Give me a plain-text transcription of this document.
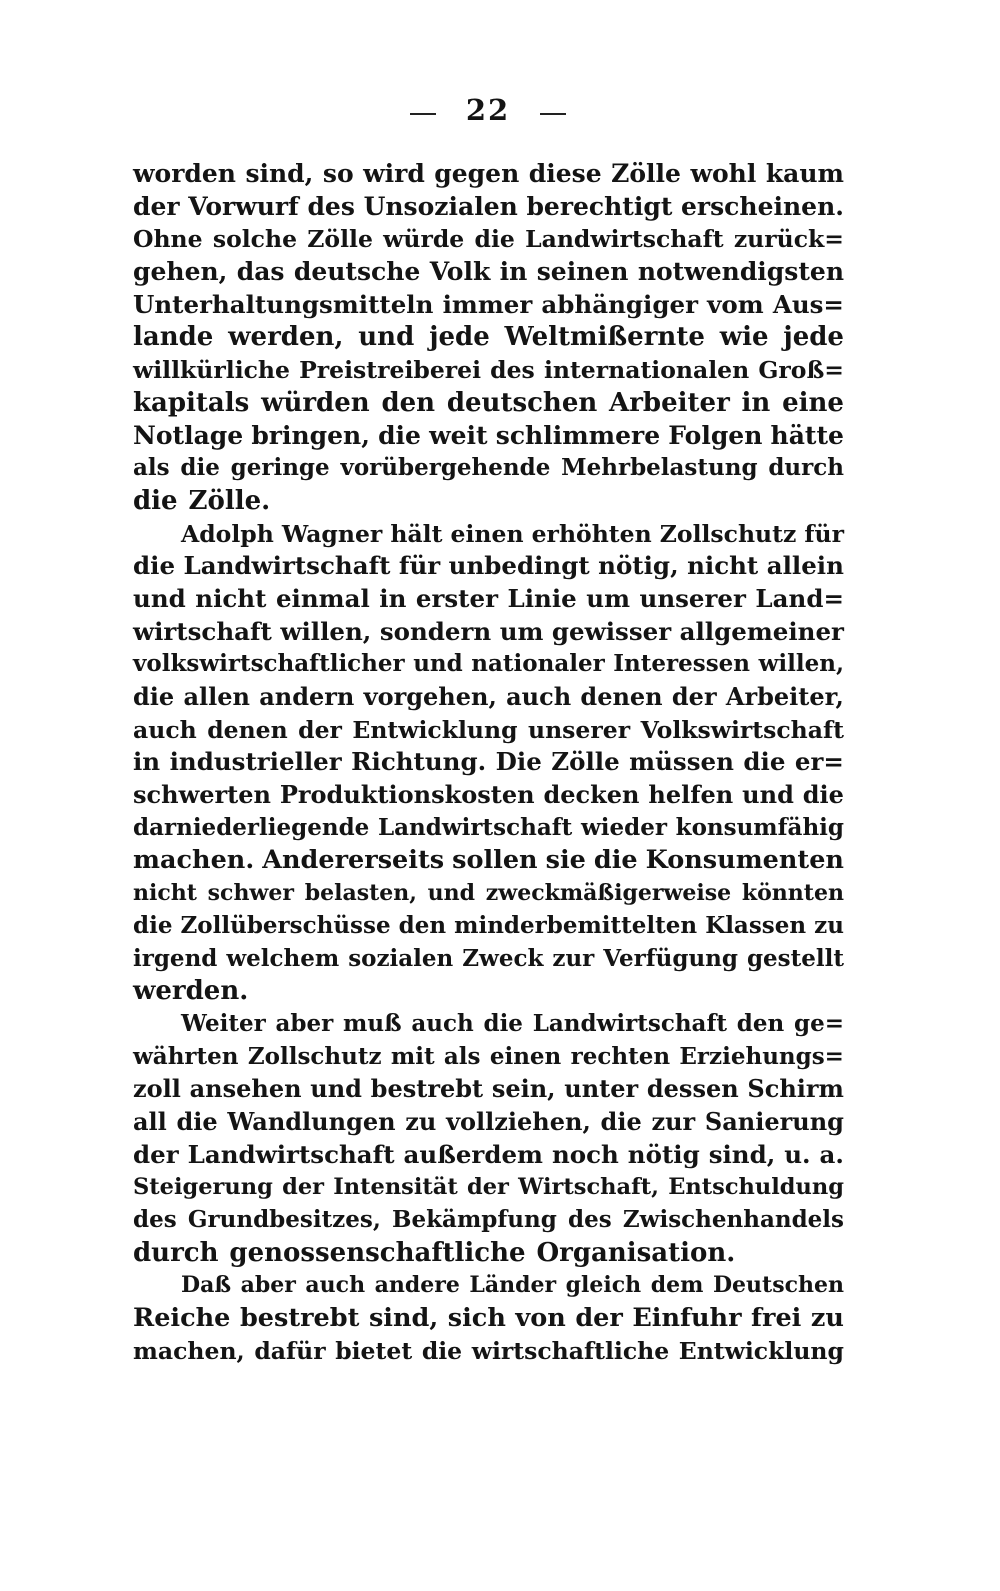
22
worden sind, so wird gegen diese Zölle wohl kaum
der Vorwurf des Unsozialen berechtigt erscheinen.
Ohne solche Zölle würde die Landwirtschaft zurück=
gehen, das deutsche Volk in seinen notwendigsten
Unterhaltungsmitteln immer abhängiger vom Aus=
lande werden, und jede Weltmißernte wie jede
willkürliche Preistreiberei des internationalen Groß=
kapitals würden den deutschen Arbeiter in eine
Notlage bringen, die weit schlimmere Folgen hätte
als die geringe vorübergehende Mehrbelastung durch
die Zölle.
Adolph Wagner hält einen erhöhten Zollschutz für
die Landwirtschaft für unbedingt nötig, nicht allein
und nicht einmal in erster Linie um unserer Land=
wirtschaft willen, sondern um gewisser allgemeiner
volkswirtschaftlicher und nationaler Interessen willen,
die allen andern vorgehen, auch denen der Arbeiter,
auch denen der Entwicklung unserer Volkswirtschaft
in industrieller Richtung. Die Zölle müssen die er=
schwerten Produktionskosten decken helfen und die
darniederliegende Landwirtschaft wieder konsumfähig
machen. Andererseits sollen sie die Konsumenten
nicht schwer belasten, und zweckmäßigerweise könnten
die Zollüberschüsse den minderbemittelten Klassen zu
irgend welchem sozialen Zweck zur Verfügung gestellt
werden.
Weiter aber muß auch die Landwirtschaft den ge=
währten Zollschutz mit als einen rechten Erziehungs=
zoll ansehen und bestrebt sein, unter dessen Schirm
all die Wandlungen zu vollziehen, die zur Sanierung
der Landwirtschaft außerdem noch nötig sind, u. a.
Steigerung der Intensität der Wirtschaft, Entschuldung
des Grundbesitzes, Bekämpfung des Zwischenhandels
durch genossenschaftliche Organisation.
Daß aber auch andere Länder gleich dem Deutschen
Reiche bestrebt sind, sich von der Einfuhr frei zu
machen, dafür bietet die wirtschaftliche Entwicklung
